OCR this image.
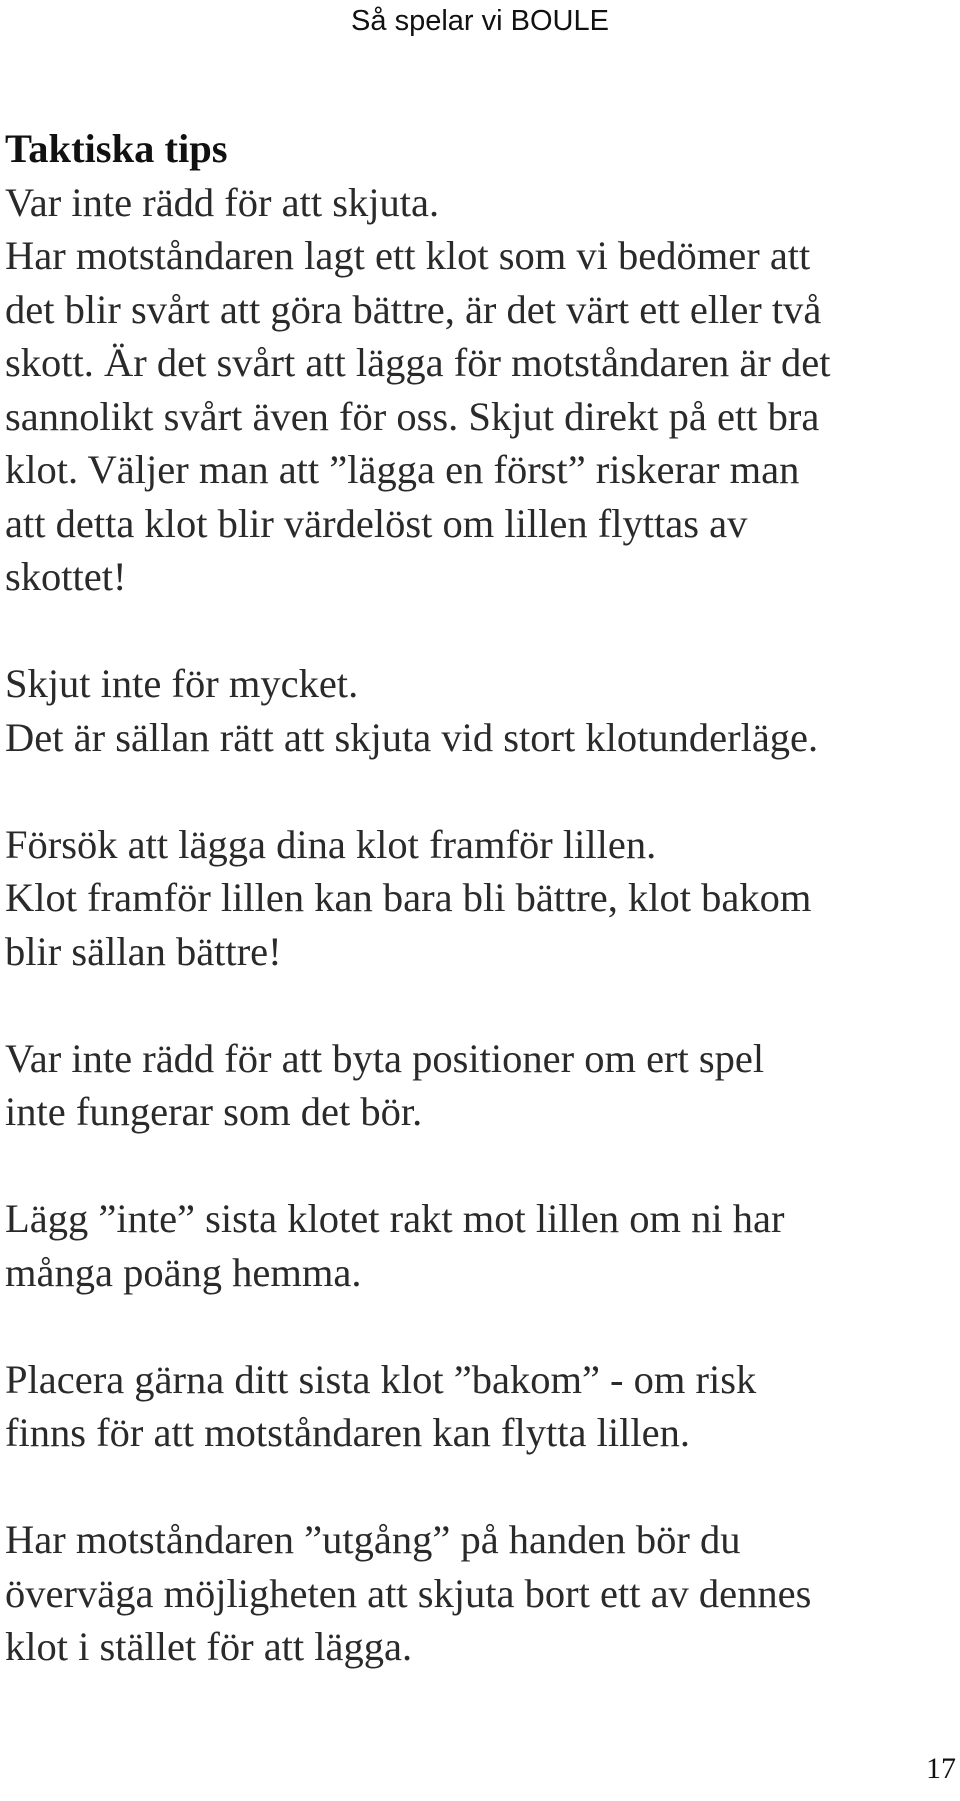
Så spelar vi BOULE
Taktiska tips
Var inte rädd för att skjuta.
Har motståndaren lagt ett klot som vi bedömer att
det blir svårt att göra bättre, är det värt ett eller två
skott. Är det svårt att lägga för motståndaren är det
sannolikt svårt även för oss. Skjut direkt på ett bra
klot. Väljer man att ”lägga en först” riskerar man
att detta klot blir värdelöst om lillen flyttas av
skottet!
Skjut inte för mycket.
Det är sällan rätt att skjuta vid stort klotunderläge.
Försök att lägga dina klot framför lillen.
Klot framför lillen kan bara bli bättre, klot bakom
blir sällan bättre!
Var inte rädd för att byta positioner om ert spel
inte fungerar som det bör.
Lägg ”inte” sista klotet rakt mot lillen om ni har
många poäng hemma.
Placera gärna ditt sista klot ”bakom” - om risk
finns för att motståndaren kan flytta lillen.
Har motståndaren ”utgång” på handen bör du
överväga möjligheten att skjuta bort ett av dennes
klot i stället för att lägga.
17
